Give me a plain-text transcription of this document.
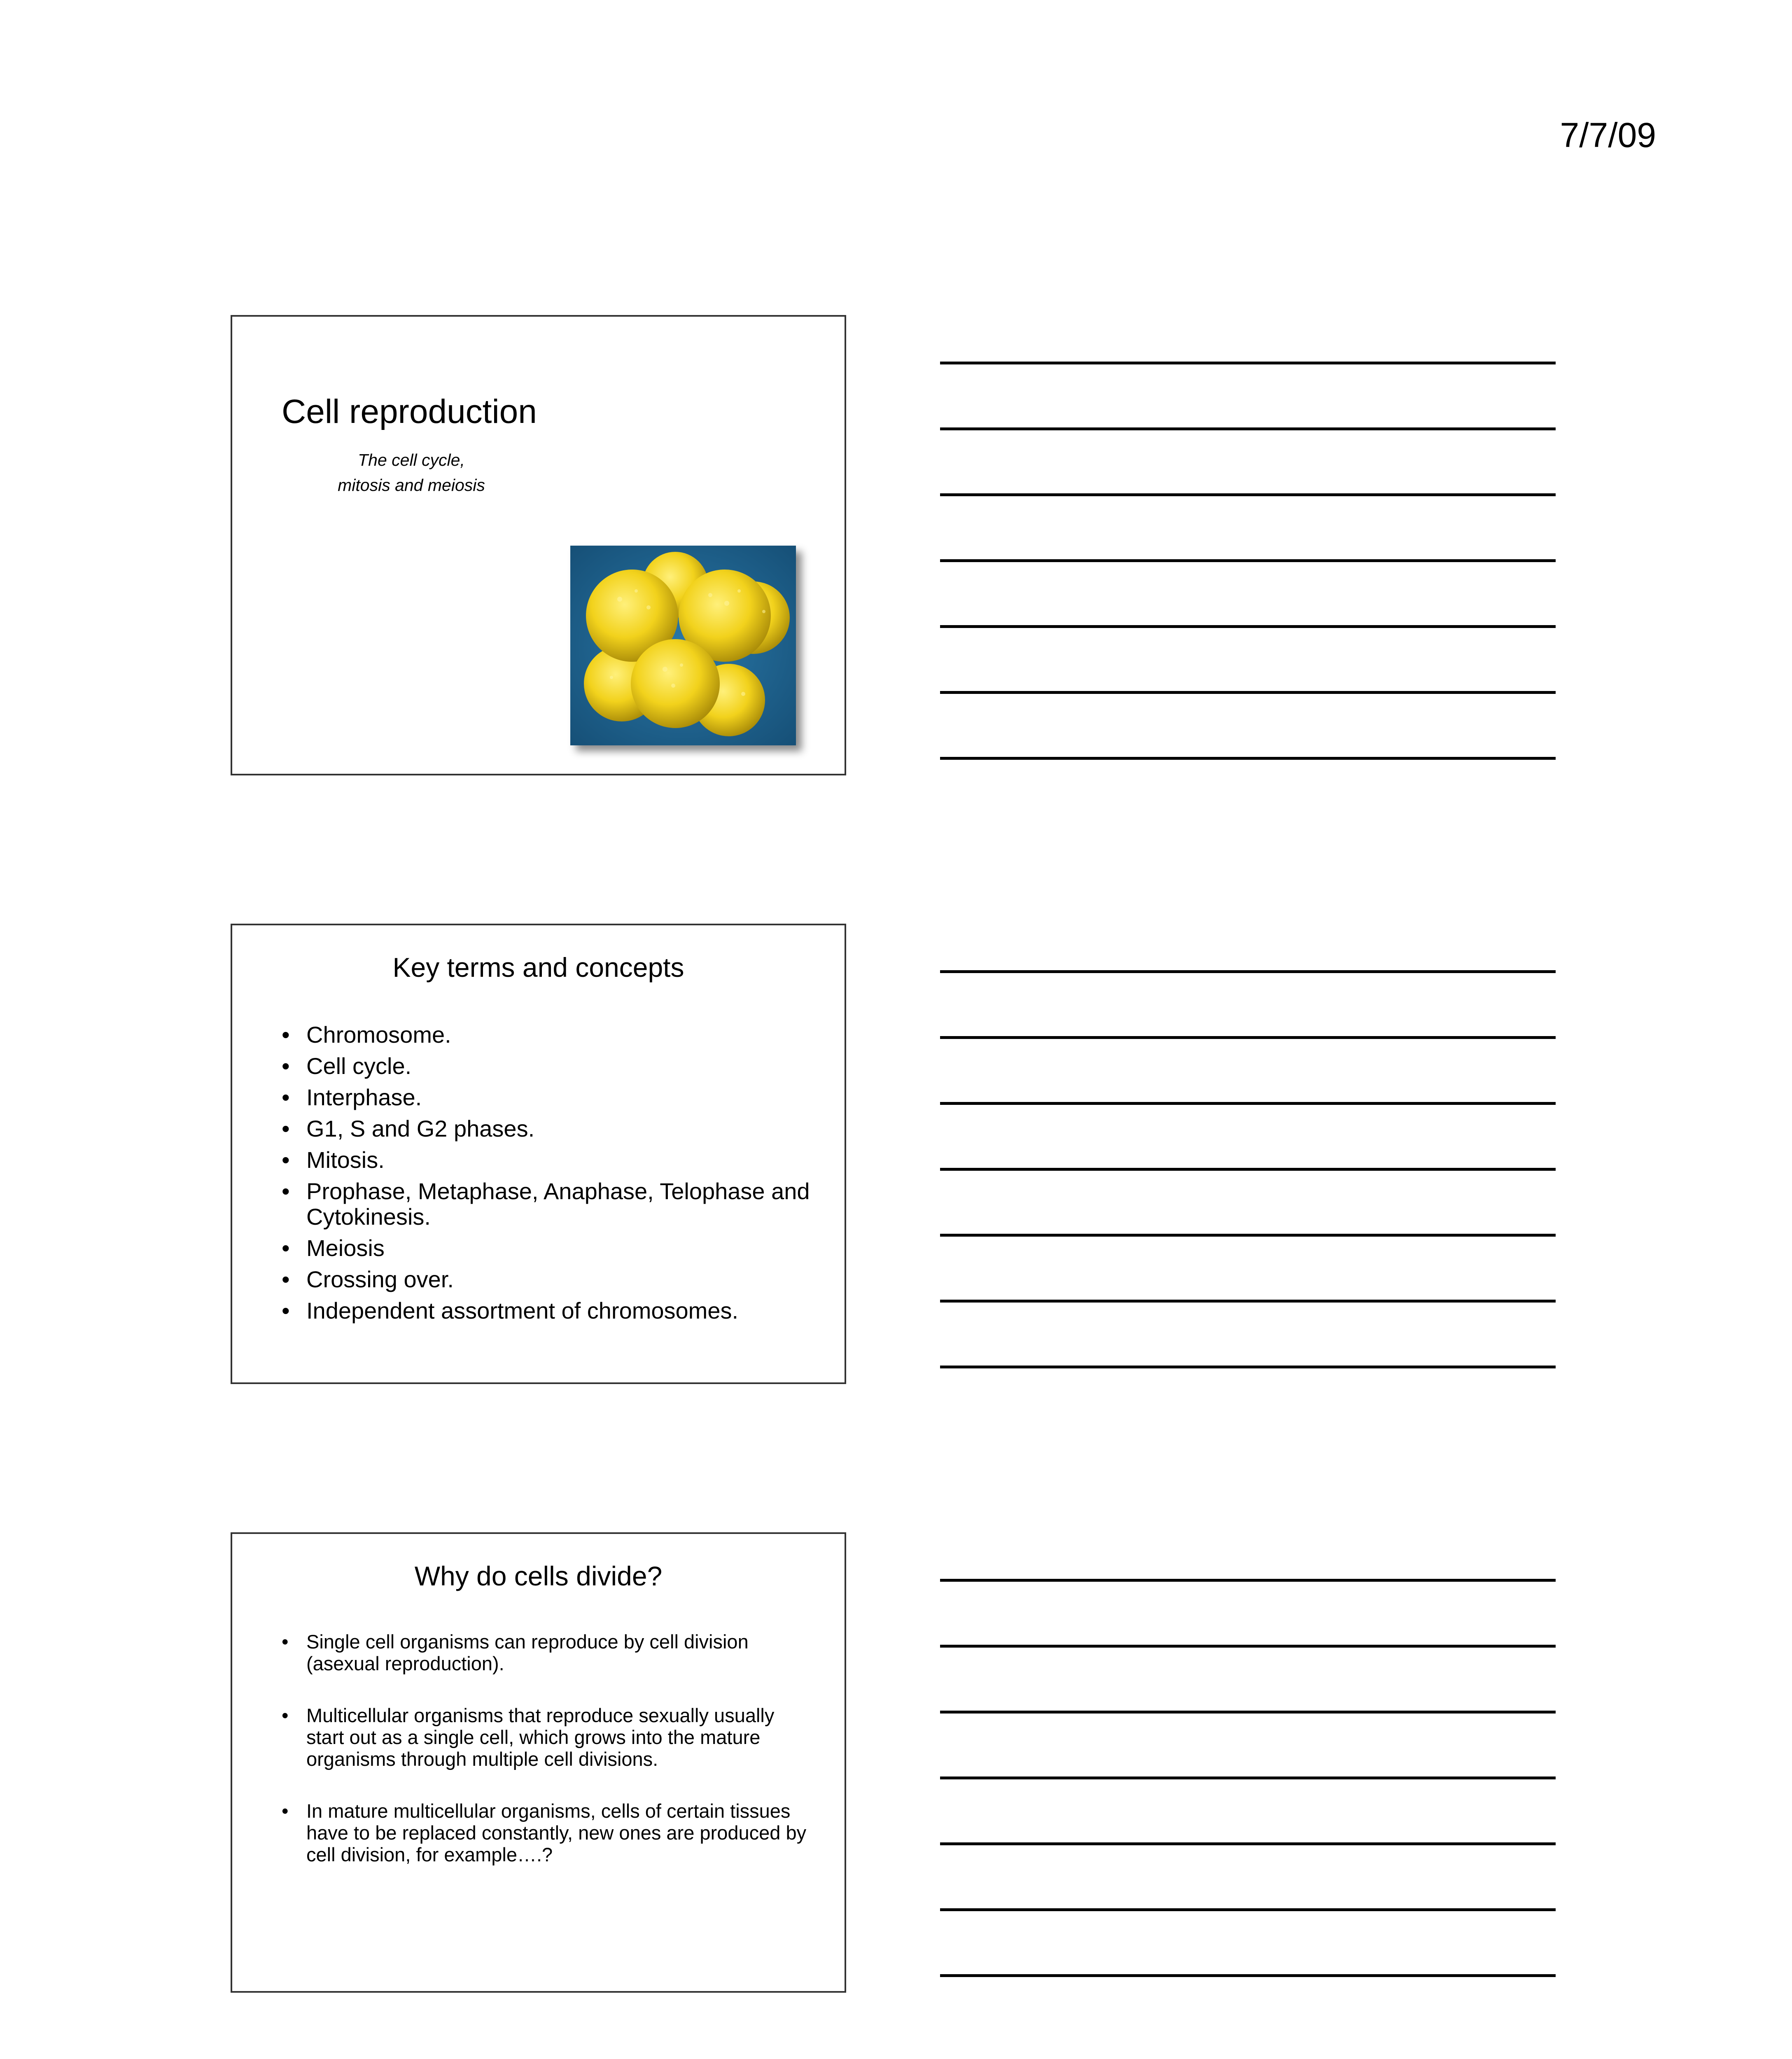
7/7/09
Cell reproduction
The cell cycle,
mitosis and meiosis
Key terms and concepts
• Chromosome.
• Cell cycle.
• Interphase.
• G1, S and G2 phases.
• Mitosis.
• Prophase, Metaphase, Anaphase, Telophase and Cytokinesis.
• Meiosis
• Crossing over.
• Independent assortment of chromosomes.
Why do cells divide?
• Single cell organisms can reproduce by cell division (asexual reproduction).
• Multicellular organisms that reproduce sexually usually start out as a single cell, which grows into the mature organisms through multiple cell divisions.
• In mature multicellular organisms, cells of certain tissues have to be replaced constantly, new ones are produced by cell division, for example….?
